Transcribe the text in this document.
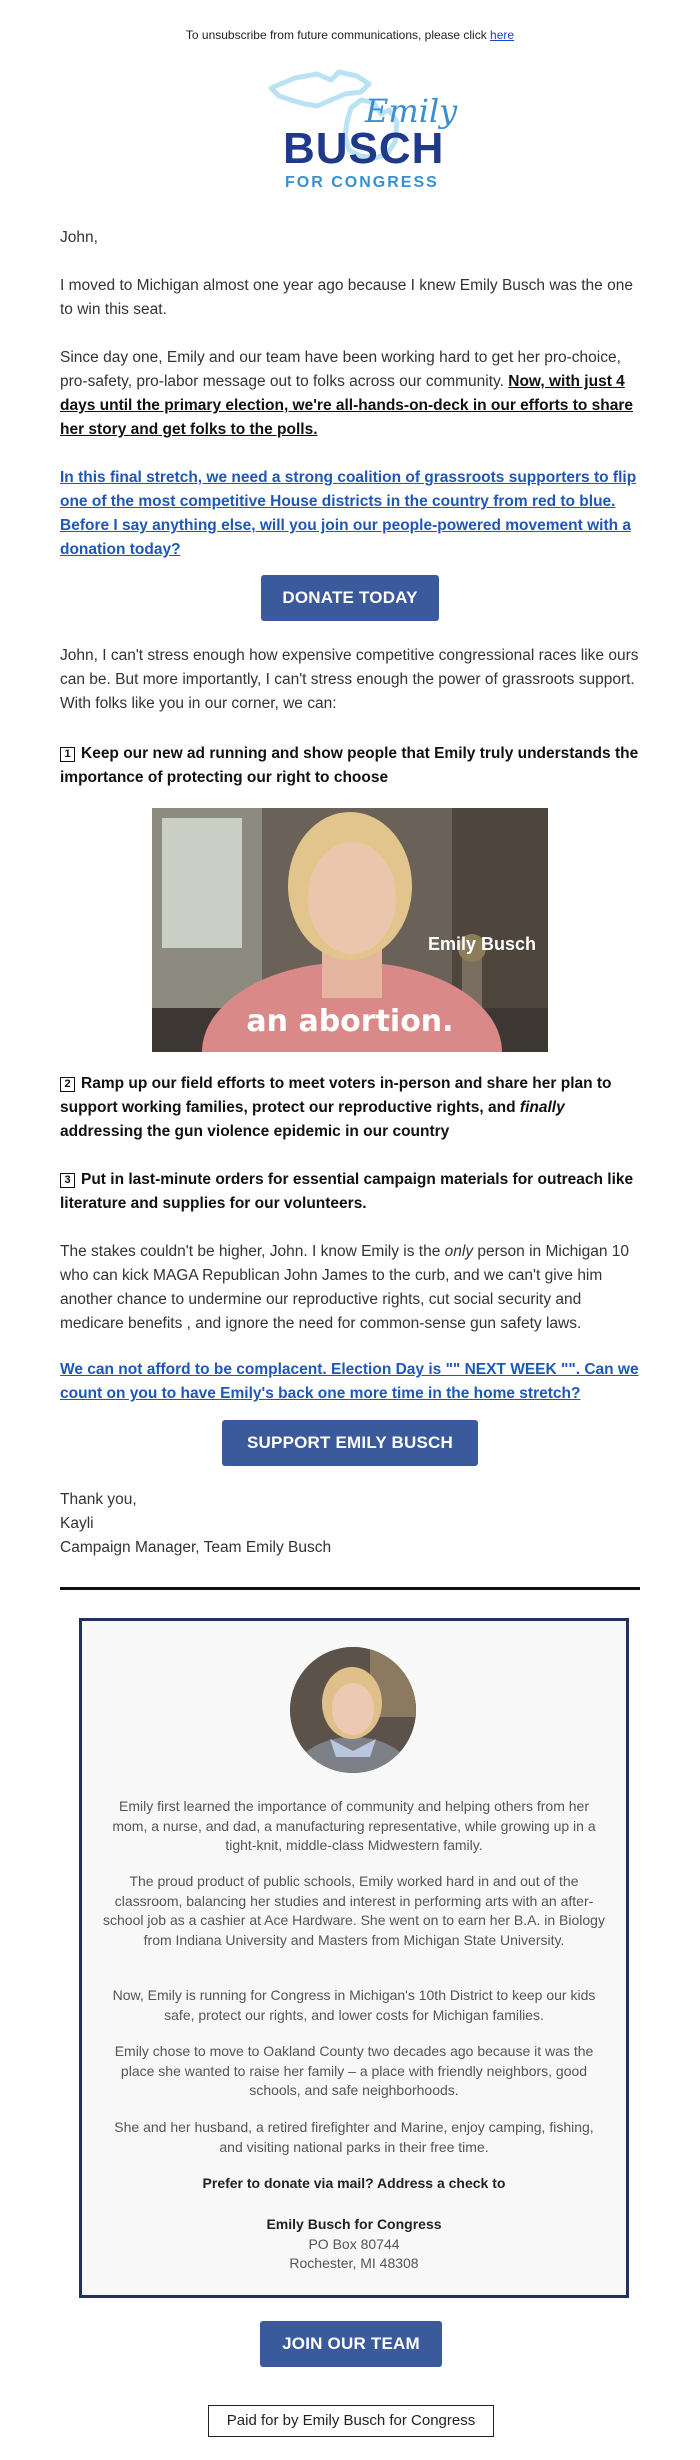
To unsubscribe from future communications, please click here
Emily
BUSCH
FOR CONGRESS
John,
I moved to Michigan almost one year ago because I knew Emily Busch was the one to win this seat.
Since day one, Emily and our team have been working hard to get her pro-choice, pro-safety, pro-labor message out to folks across our community. Now, with just 4 days until the primary election, we're all-hands-on-deck in our efforts to share her story and get folks to the polls.
In this final stretch, we need a strong coalition of grassroots supporters to flip one of the most competitive House districts in the country from red to blue. Before I say anything else, will you join our people-powered movement with a donation today?
DONATE TODAY
John, I can't stress enough how expensive competitive congressional races like ours can be. But more importantly, I can't stress enough the power of grassroots support. With folks like you in our corner, we can:
1 Keep our new ad running and show people that Emily truly understands the importance of protecting our right to choose
Emily Busch
an abortion.
2 Ramp up our field efforts to meet voters in-person and share her plan to support working families, protect our reproductive rights, and finally addressing the gun violence epidemic in our country
3 Put in last-minute orders for essential campaign materials for outreach like literature and supplies for our volunteers.
The stakes couldn't be higher, John. I know Emily is the only person in Michigan 10 who can kick MAGA Republican John James to the curb, and we can't give him another chance to undermine our reproductive rights, cut social security and medicare benefits , and ignore the need for common-sense gun safety laws.
We can not afford to be complacent. Election Day is "" NEXT WEEK "". Can we count on you to have Emily's back one more time in the home stretch?
SUPPORT EMILY BUSCH
Thank you,
Kayli
Campaign Manager, Team Emily Busch
Emily first learned the importance of community and helping others from her mom, a nurse, and dad, a manufacturing representative, while growing up in a tight-knit, middle-class Midwestern family.
The proud product of public schools, Emily worked hard in and out of the classroom, balancing her studies and interest in performing arts with an after-school job as a cashier at Ace Hardware. She went on to earn her B.A. in Biology from Indiana University and Masters from Michigan State University.
Now, Emily is running for Congress in Michigan's 10th District to keep our kids safe, protect our rights, and lower costs for Michigan families.
Emily chose to move to Oakland County two decades ago because it was the place she wanted to raise her family – a place with friendly neighbors, good schools, and safe neighborhoods.
She and her husband, a retired firefighter and Marine, enjoy camping, fishing, and visiting national parks in their free time.
Prefer to donate via mail? Address a check to
Emily Busch for Congress
PO Box 80744
Rochester, MI 48308
JOIN OUR TEAM
Paid for by Emily Busch for Congress
